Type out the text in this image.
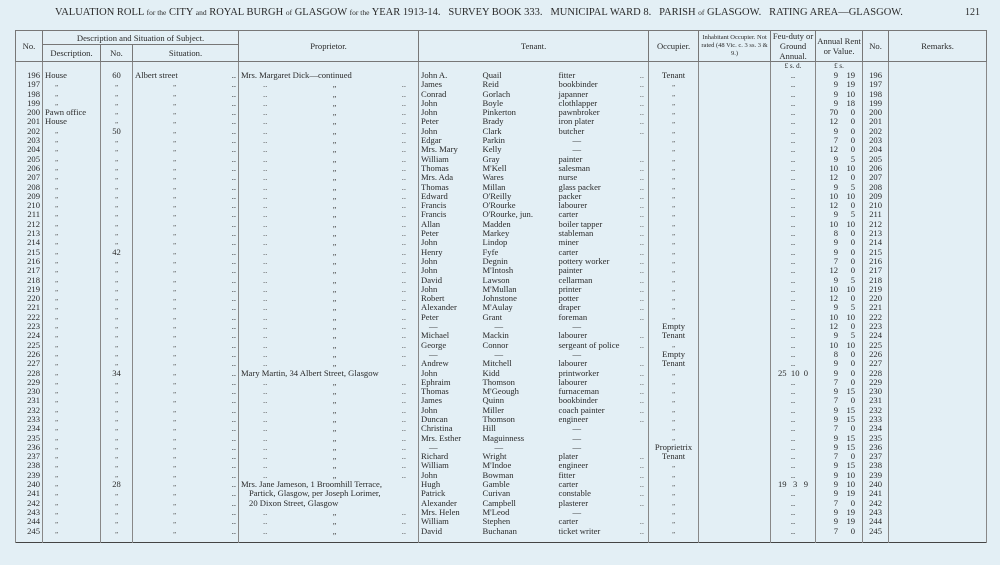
VALUATION ROLL for the CITY and ROYAL BURGH of GLASGOW for the YEAR 1913-14. SURVEY BOOK 333. MUNICIPAL WARD 8. PARISH of GLASGOW. RATING AREA—GLASGOW.	121
No.	Description and Situation of Subject.			Proprietor.	Tenant.			Occupier.	Inhabitant Occupier. Not rated (48 Vic. c. 3 ss. 3 & 9.)	Feu-duty or Ground Annual.	Annual Rent or Value.	No.	Remarks.
	Description.	No.	Situation.										
										£ s. d.	£ s.		
196	House	60	Albert street ..	Mrs. Margaret Dick—continued	John A.	Quail	fitter ..	Tenant		..	9 19	196	
197	„	„	„ ..	.. „ ..	James	Reid	bookbinder ..	„		..	9 19	197	
198	„	„	„ ..	.. „ ..	Conrad	Gorlach	japanner ..	„		..	9 10	198	
199	„	„	„ ..	.. „ ..	John	Boyle	clothlapper ..	„		..	9 18	199	
200	Pawn office	„	„ ..	.. „ ..	John	Pinkerton	pawnbroker ..	„		..	70 0	200	
201	House	„	„ ..	.. „ ..	Peter	Brady	iron plater ..	„		..	12 0	201	
202	„	50	„ ..	.. „ ..	John	Clark	butcher ..	„		..	9 0	202	
203	„	„	„ ..	.. „ ..	Edgar	Parkin	—	„		..	7 0	203	
204	„	„	„ ..	.. „ ..	Mrs. Mary	Kelly	—	„		..	12 0	204	
205	„	„	„ ..	.. „ ..	William	Gray	painter ..	„		..	9 5	205	
206	„	„	„ ..	.. „ ..	Thomas	M'Kell	salesman ..	„		..	10 10	206	
207	„	„	„ ..	.. „ ..	Mrs. Ada	Wares	nurse ..	„		..	12 0	207	
208	„	„	„ ..	.. „ ..	Thomas	Millan	glass packer ..	„		..	9 5	208	
209	„	„	„ ..	.. „ ..	Edward	O'Reilly	packer ..	„		..	10 10	209	
210	„	„	„ ..	.. „ ..	Francis	O'Rourke	labourer ..	„		..	12 0	210	
211	„	„	„ ..	.. „ ..	Francis	O'Rourke, jun.	carter ..	„		..	9 5	211	
212	„	„	„ ..	.. „ ..	Allan	Madden	boiler tapper ..	„		..	10 10	212	
213	„	„	„ ..	.. „ ..	Peter	Markey	stableman ..	„		..	8 0	213	
214	„	„	„ ..	.. „ ..	John	Lindop	miner ..	„		..	9 0	214	
215	„	42	„ ..	.. „ ..	Henry	Fyfe	carter ..	„		..	9 0	215	
216	„	„	„ ..	.. „ ..	John	Degnin	pottery worker ..	„		..	7 0	216	
217	„	„	„ ..	.. „ ..	John	M'Intosh	painter ..	„		..	12 0	217	
218	„	„	„ ..	.. „ ..	David	Lawson	cellarman ..	„		..	9 5	218	
219	„	„	„ ..	.. „ ..	John	M'Mullan	printer ..	„		..	10 10	219	
220	„	„	„ ..	.. „ ..	Robert	Johnstone	potter ..	„		..	12 0	220	
221	„	„	„ ..	.. „ ..	Alexander	M'Aulay	draper ..	„		..	9 5	221	
222	„	„	„ ..	.. „ ..	Peter	Grant	foreman ..	„		..	10 10	222	
223	„	„	„ ..	.. „ ..	—	—	—	Empty		..	12 0	223	
224	„	„	„ ..	.. „ ..	Michael	Mackin	labourer ..	Tenant		..	9 5	224	
225	„	„	„ ..	.. „ ..	George	Connor	sergeant of police ..	„		..	10 10	225	
226	„	„	„ ..	.. „ ..	—	—	—	Empty		..	8 0	226	
227	„	„	„ ..	.. „ ..	Andrew	Mitchell	labourer ..	Tenant		..	9 0	227	
228	„	34	„ ..	Mary Martin, 34 Albert Street, Glasgow	John	Kidd	printworker ..	„		25  10  0	9 0	228	
229	„	„	„ ..	.. „ ..	Ephraim	Thomson	labourer ..	„		..	7 0	229	
230	„	„	„ ..	.. „ ..	Thomas	M'Geough	furnaceman ..	„		..	9 15	230	
231	„	„	„ ..	.. „ ..	James	Quinn	bookbinder ..	„		..	7 0	231	
232	„	„	„ ..	.. „ ..	John	Miller	coach painter ..	„		..	9 15	232	
233	„	„	„ ..	.. „ ..	Duncan	Thomson	engineer ..	„		..	9 15	233	
234	„	„	„ ..	.. „ ..	Christina	Hill	—	„		..	7 0	234	
235	„	„	„ ..	.. „ ..	Mrs. Esther	Maguinness	—	„		..	9 15	235	
236	„	„	„ ..	.. „ ..	—	—	—	Proprietrix		..	9 15	236	
237	„	„	„ ..	.. „ ..	Richard	Wright	plater ..	Tenant		..	7 0	237	
238	„	„	„ ..	.. „ ..	William	M'Indoe	engineer ..	„		..	9 15	238	
239	„	„	„ ..	.. „ ..	John	Bowman	fitter ..	„		..	9 10	239	
240	„	28	„ ..	Mrs. Jane Jameson, 1 Broomhill Terrace,	Hugh	Gamble	carter ..	„		19   3   9	9 10	240	
241	„	„	„ ..	Partick, Glasgow, per Joseph Lorimer,	Patrick	Curivan	constable ..	„		..	9 19	241	
242	„	„	„ ..	20 Dixon Street, Glasgow	Alexander	Campbell	plasterer ..	„		..	7 0	242	
243	„	„	„ ..	.. „ ..	Mrs. Helen	M'Leod	—	„		..	9 19	243	
244	„	„	„ ..	.. „ ..	William	Stephen	carter ..	„		..	9 19	244	
245	„	„	„ ..	.. „ ..	David	Buchanan	ticket writer ..	„		..	7 0	245	
